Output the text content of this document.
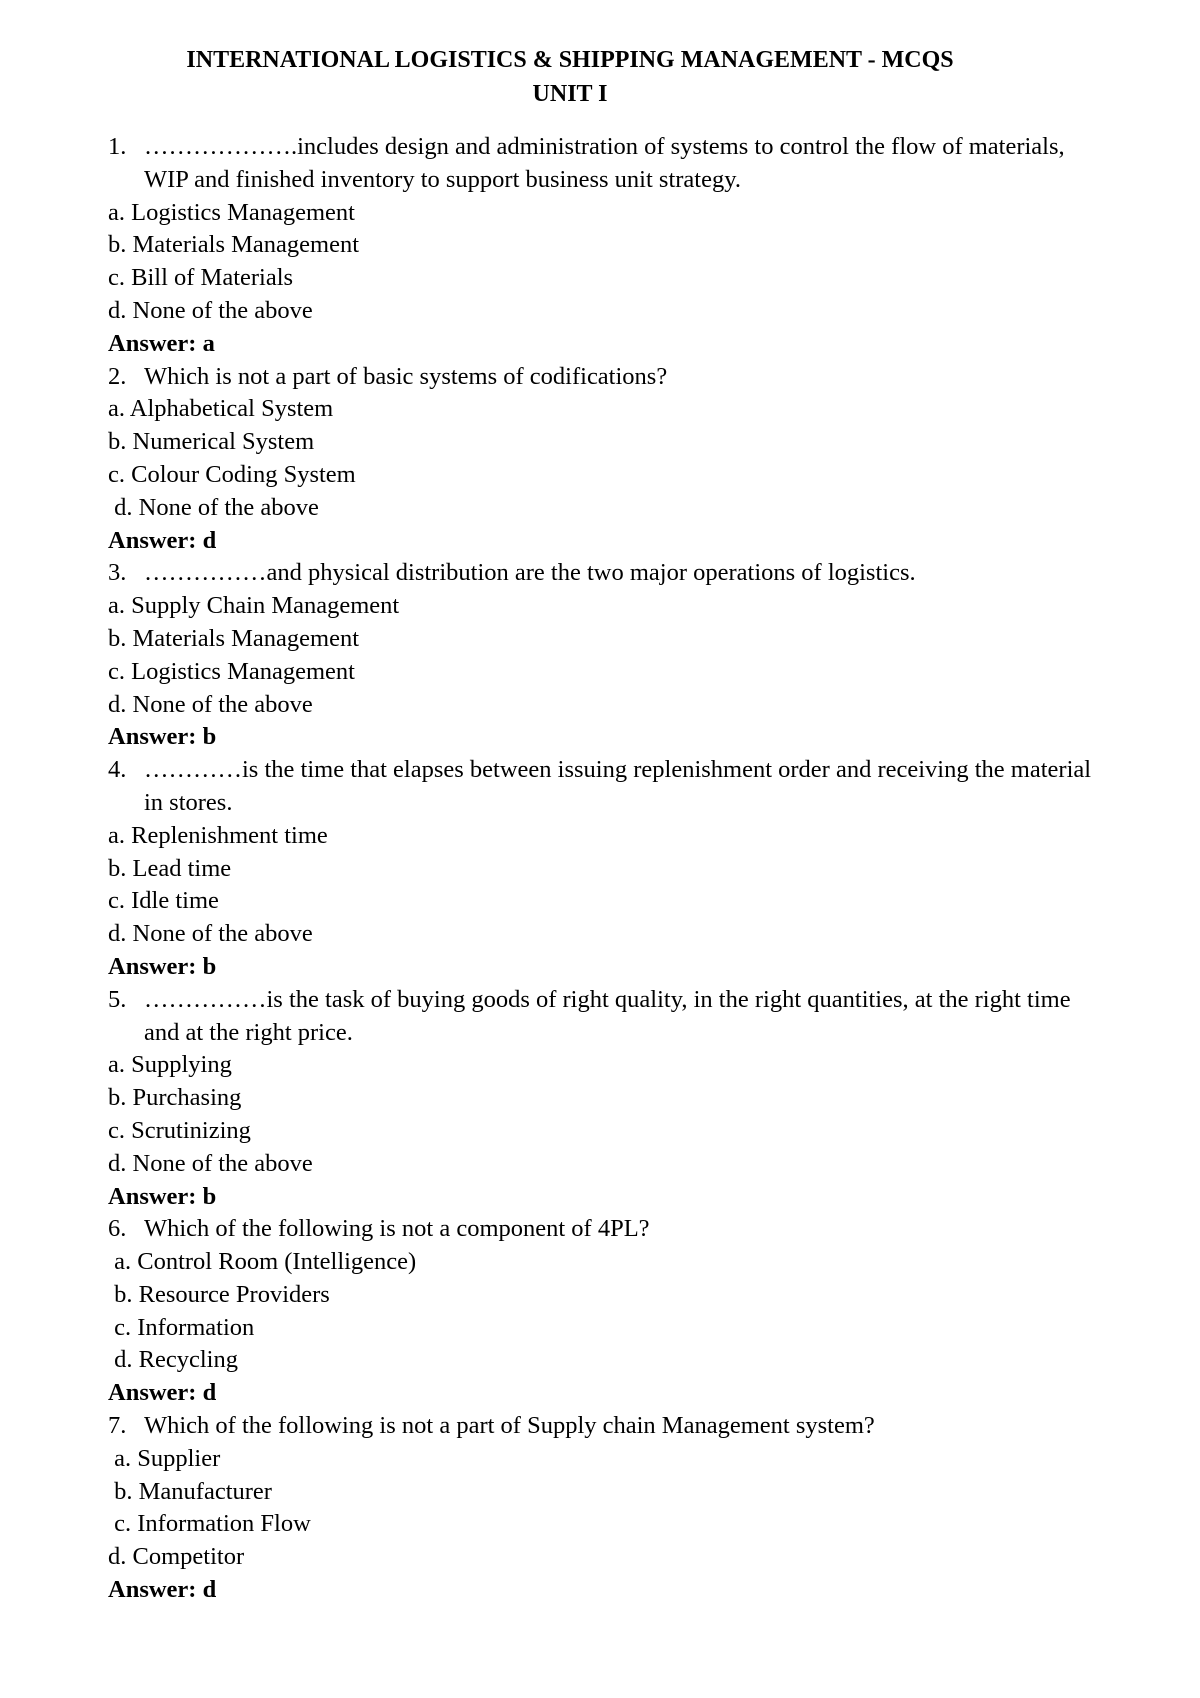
INTERNATIONAL LOGISTICS & SHIPPING MANAGEMENT - MCQS
UNIT I
1. ……………….includes design and administration of systems to control the flow of materials, WIP and finished inventory to support business unit strategy.
a. Logistics Management
b. Materials Management
c. Bill of Materials
d. None of the above
Answer: a
2. Which is not a part of basic systems of codifications?
a. Alphabetical System
b. Numerical System
c. Colour Coding System
d. None of the above
Answer: d
3. ……………and physical distribution are the two major operations of logistics.
a. Supply Chain Management
b. Materials Management
c. Logistics Management
d. None of the above
Answer: b
4. …………is the time that elapses between issuing replenishment order and receiving the material in stores.
a. Replenishment time
b. Lead time
c. Idle time
d. None of the above
Answer: b
5. ……………is the task of buying goods of right quality, in the right quantities, at the right time and at the right price.
a. Supplying
b. Purchasing
c. Scrutinizing
d. None of the above
Answer: b
6. Which of the following is not a component of 4PL?
a. Control Room (Intelligence)
b. Resource Providers
c. Information
d. Recycling
Answer: d
7. Which of the following is not a part of Supply chain Management system?
a. Supplier
b. Manufacturer
c. Information Flow
d. Competitor
Answer: d
